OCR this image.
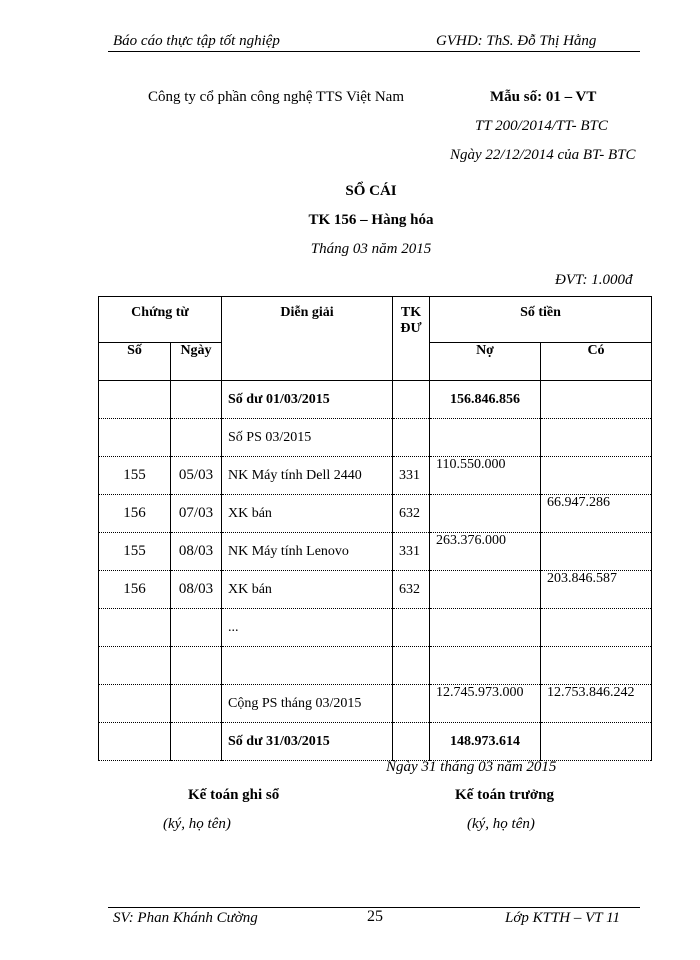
Báo cáo thực tập tốt nghiệp	GVHD: ThS. Đỗ Thị Hằng
Công ty cổ phần công nghệ TTS Việt Nam	Mẫu số: 01 – VT
TT 200/2014/TT- BTC
Ngày 22/12/2014 của BT- BTC
SỔ CÁI
TK 156 – Hàng hóa
Tháng 03 năm 2015
ĐVT: 1.000đ
Chứng từ		Diễn giải	TK ĐƯ	Số tiền	
Số	Ngày			Nợ	Có
		Số dư 01/03/2015		156.846.856	
		Số PS 03/2015			
155	05/03	NK Máy tính Dell 2440	331	110.550.000	
156	07/03	XK bán	632		66.947.286
155	08/03	NK Máy tính Lenovo	331	263.376.000	
156	08/03	XK bán	632		203.846.587
		...			

		Cộng PS tháng 03/2015		12.745.973.000	12.753.846.242
		Số dư 31/03/2015		148.973.614	
Ngày 31 tháng 03 năm 2015
Kế toán ghi sổ	Kế toán trưởng
(ký, họ tên)	(ký, họ tên)
SV: Phan Khánh Cường	25	Lớp KTTH – VT 11
